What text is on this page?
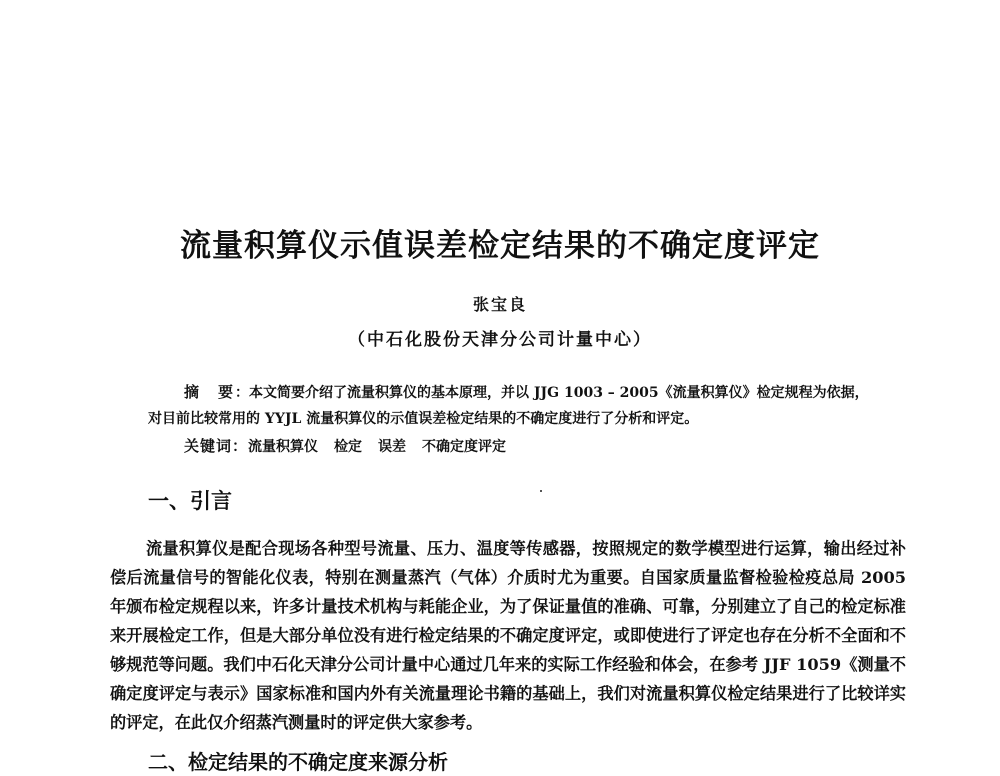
流量积算仪示值误差检定结果的不确定度评定
张宝良
（中石化股份天津分公司计量中心）
摘　要：本文简要介绍了流量积算仪的基本原理，并以 JJG 1003 – 2005《流量积算仪》检定规程为依据，
对目前比较常用的 YYJL 流量积算仪的示值误差检定结果的不确定度进行了分析和评定。
关键词：流量积算仪 检定 误差 不确定度评定
一、引言

流量积算仪是配合现场各种型号流量、压力、温度等传感器，按照规定的数学模型进行运算，输出经过补偿后流量信号的智能化仪表，特别在测量蒸汽（气体）介质时尤为重要。自国家质量监督检验检疫总局 2005 年颁布检定规程以来，许多计量技术机构与耗能企业，为了保证量值的准确、可靠，分别建立了自己的检定标准来开展检定工作，但是大部分单位没有进行检定结果的不确定度评定，或即使进行了评定也存在分析不全面和不够规范等问题。我们中石化天津分公司计量中心通过几年来的实际工作经验和体会，在参考 JJF 1059《测量不确定度评定与表示》国家标准和国内外有关流量理论书籍的基础上，我们对流量积算仪检定结果进行了比较详实的评定，在此仅介绍蒸汽测量时的评定供大家参考。

二、检定结果的不确定度来源分析
